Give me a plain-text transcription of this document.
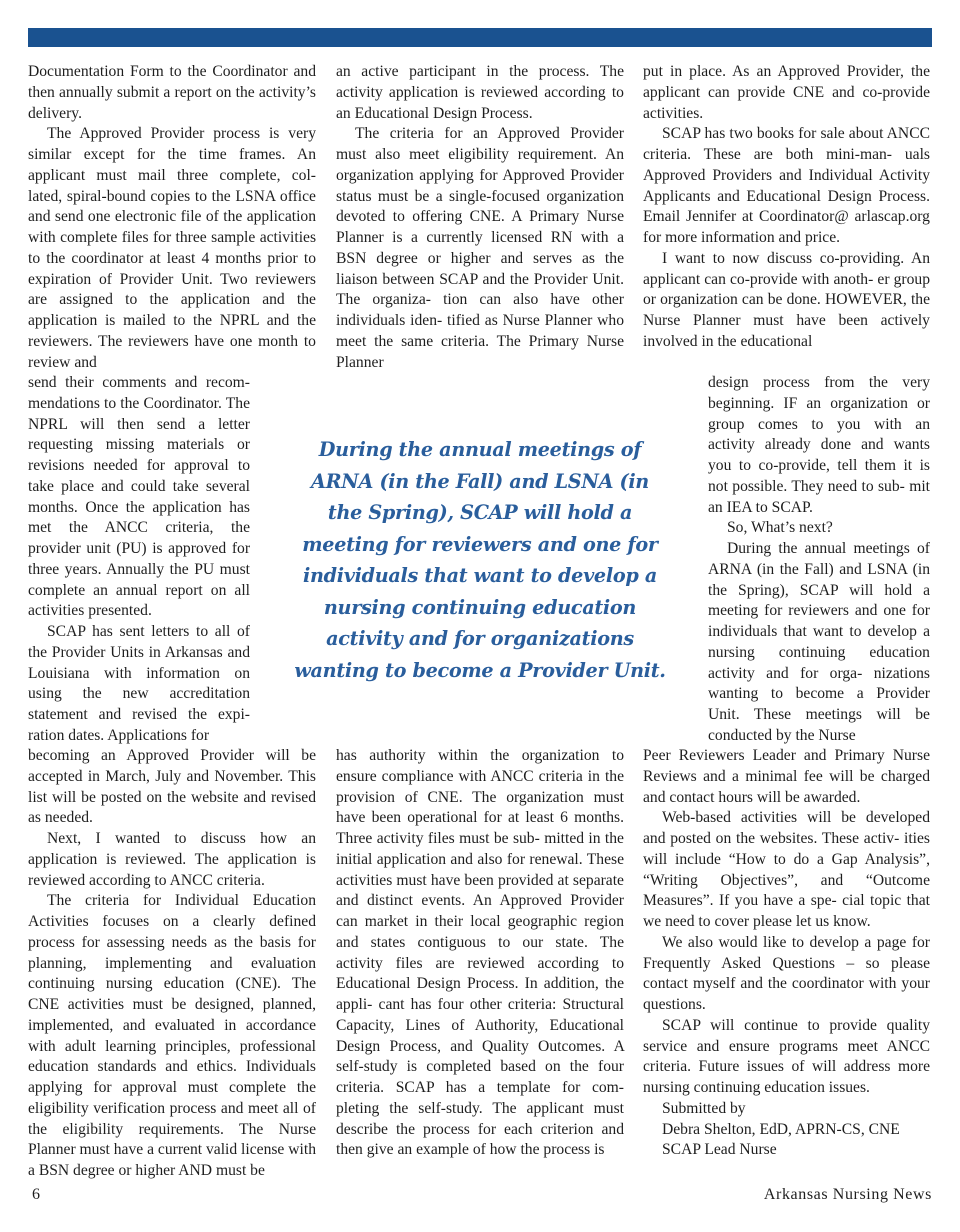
Documentation Form to the Coordinator and then annually submit a report on the activity’s delivery.

The Approved Provider process is very similar except for the time frames. An applicant must mail three complete, col- lated, spiral-bound copies to the LSNA office and send one electronic file of the application with complete files for three sample activities to the coordinator at least 4 months prior to expiration of Provider Unit. Two reviewers are assigned to the application and the application is mailed to the NPRL and the reviewers. The reviewers have one month to review and

send their comments and recom- mendations to the Coordinator. The NPRL will then send a letter requesting missing materials or revisions needed for approval to take place and could take several months. Once the application has met the ANCC criteria, the provider unit (PU) is approved for three years. Annually the PU must complete an annual report on all activities presented.

SCAP has sent letters to all of the Provider Units in Arkansas and Louisiana with information on using the new accreditation statement and revised the expi- ration dates. Applications for

becoming an Approved Provider will be accepted in March, July and November. This list will be posted on the website and revised as needed.

Next, I wanted to discuss how an application is reviewed. The application is reviewed according to ANCC criteria.

The criteria for Individual Education Activities focuses on a clearly defined process for assessing needs as the basis for planning, implementing and evaluation continuing nursing education (CNE). The CNE activities must be designed, planned, implemented, and evaluated in accordance with adult learning principles, professional education standards and ethics. Individuals applying for approval must complete the eligibility verification process and meet all of the eligibility requirements. The Nurse Planner must have a current valid license with a BSN degree or higher AND must be

an active participant in the process. The activity application is reviewed according to an Educational Design Process.

The criteria for an Approved Provider must also meet eligibility requirement. An organization applying for Approved Provider status must be a single-focused organization devoted to offering CNE. A Primary Nurse Planner is a currently licensed RN with a BSN degree or higher and serves as the liaison between SCAP and the Provider Unit. The organiza- tion can also have other individuals iden- tified as Nurse Planner who meet the same criteria. The Primary Nurse Planner

During the annual meetings of ARNA (in the Fall) and LSNA (in the Spring), SCAP will hold a meeting for reviewers and one for individuals that want to develop a nursing continuing education activity and for organizations wanting to become a Provider Unit.

has authority within the organization to ensure compliance with ANCC criteria in the provision of CNE. The organization must have been operational for at least 6 months. Three activity files must be sub- mitted in the initial application and also for renewal. These activities must have been provided at separate and distinct events. An Approved Provider can market in their local geographic region and states contiguous to our state. The activity files are reviewed according to Educational Design Process. In addition, the appli- cant has four other criteria: Structural Capacity, Lines of Authority, Educational Design Process, and Quality Outcomes. A self-study is completed based on the four criteria. SCAP has a template for com- pleting the self-study. The applicant must describe the process for each criterion and then give an example of how the process is

put in place. As an Approved Provider, the applicant can provide CNE and co-provide activities.

SCAP has two books for sale about ANCC criteria. These are both mini-man- uals Approved Providers and Individual Activity Applicants and Educational Design Process. Email Jennifer at Coordinator@ arlascap.org for more information and price.

I want to now discuss co-providing. An applicant can co-provide with anoth- er group or organization can be done. HOWEVER, the Nurse Planner must have been actively involved in the educational

design process from the very beginning. IF an organization or group comes to you with an activity already done and wants you to co-provide, tell them it is not possible. They need to sub- mit an IEA to SCAP.

So, What’s next?

During the annual meetings of ARNA (in the Fall) and LSNA (in the Spring), SCAP will hold a meeting for reviewers and one for individuals that want to develop a nursing continuing education activity and for orga- nizations wanting to become a Provider Unit. These meetings will be conducted by the Nurse

Peer Reviewers Leader and Primary Nurse Reviews and a minimal fee will be charged and contact hours will be awarded.

Web-based activities will be developed and posted on the websites. These activ- ities will include “How to do a Gap Analysis”, “Writing Objectives”, and “Outcome Measures”. If you have a spe- cial topic that we need to cover please let us know.

We also would like to develop a page for Frequently Asked Questions – so please contact myself and the coordinator with your questions.

SCAP will continue to provide quality service and ensure programs meet ANCC criteria. Future issues of will address more nursing continuing education issues.

Submitted by

Debra Shelton, EdD, APRN-CS, CNE

SCAP Lead Nurse

6	Arkansas Nursing News
